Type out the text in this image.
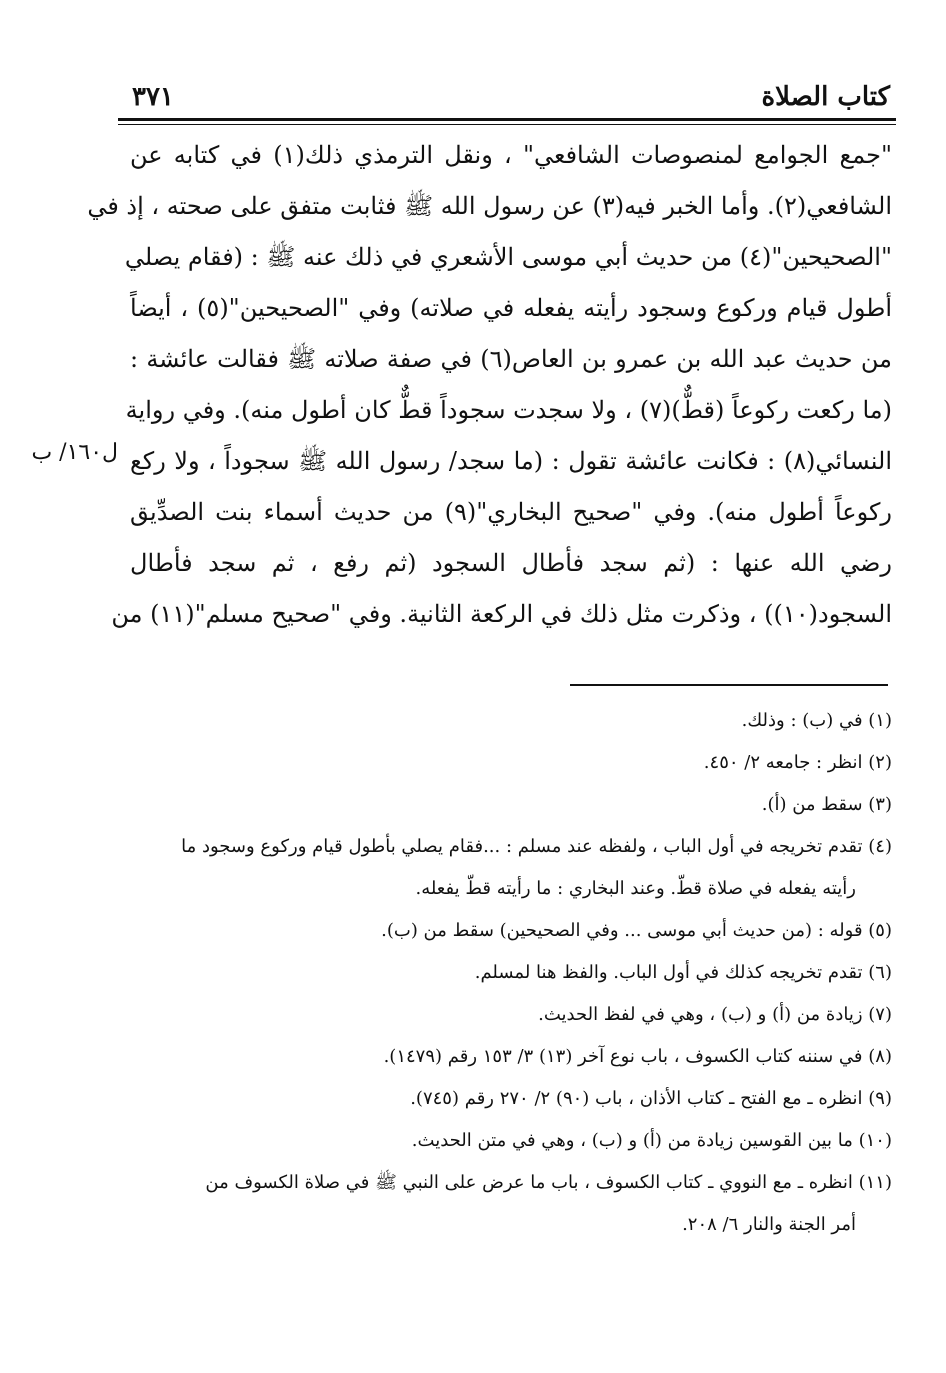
كتاب الصلاة
٣٧١
"جمع الجوامع لمنصوصات الشافعي" ، ونقل الترمذي ذلك(١) في كتابه عن
الشافعي(٢). وأما الخبر فيه(٣) عن رسول الله ﷺ فثابت متفق على صحته ، إذ في
"الصحيحين"(٤) من حديث أبي موسى الأشعري في ذلك عنه ﷺ : (فقام يصلي
أطول قيام وركوع وسجود رأيته يفعله في صلاته) وفي "الصحيحين"(٥) ، أيضاً
من حديث عبد الله بن عمرو بن العاص(٦) في صفة صلاته ﷺ فقالت عائشة :
(ما ركعت ركوعاً (قطٌّ)(٧) ، ولا سجدت سجوداً قطٌّ كان أطول منه). وفي رواية
النسائي(٨) : فكانت عائشة تقول : (ما سجد/ رسول الله ﷺ سجوداً ، ولا ركع
ركوعاً أطول منه). وفي "صحيح البخاري"(٩) من حديث أسماء بنت الصدِّيق
رضي الله عنها : (ثم سجد فأطال السجود (ثم رفع ، ثم سجد فأطال
السجود(١٠)) ، وذكرت مثل ذلك في الركعة الثانية. وفي "صحيح مسلم"(١١) من
ل١٦٠/ ب
(١) في (ب) : وذلك.
(٢) انظر : جامعه ٢/ ٤٥٠.
(٣) سقط من (أ).
(٤) تقدم تخريجه في أول الباب ، ولفظه عند مسلم : ...فقام يصلي بأطول قيام وركوع وسجود ما
رأيته يفعله في صلاة قطّ. وعند البخاري : ما رأيته قطّ يفعله.
(٥) قوله : (من حديث أبي موسى ... وفي الصحيحين) سقط من (ب).
(٦) تقدم تخريجه كذلك في أول الباب. والفظ هنا لمسلم.
(٧) زيادة من (أ) و (ب) ، وهي في لفظ الحديث.
(٨) في سننه كتاب الكسوف ، باب نوع آخر (١٣) ٣/ ١٥٣ رقم (١٤٧٩).
(٩) انظره ـ مع الفتح ـ كتاب الأذان ، باب (٩٠) ٢/ ٢٧٠ رقم (٧٤٥).
(١٠) ما بين القوسين زيادة من (أ) و (ب) ، وهي في متن الحديث.
(١١) انظره ـ مع النووي ـ كتاب الكسوف ، باب ما عرض على النبي ﷺ في صلاة الكسوف من
أمر الجنة والنار ٦/ ٢٠٨.
